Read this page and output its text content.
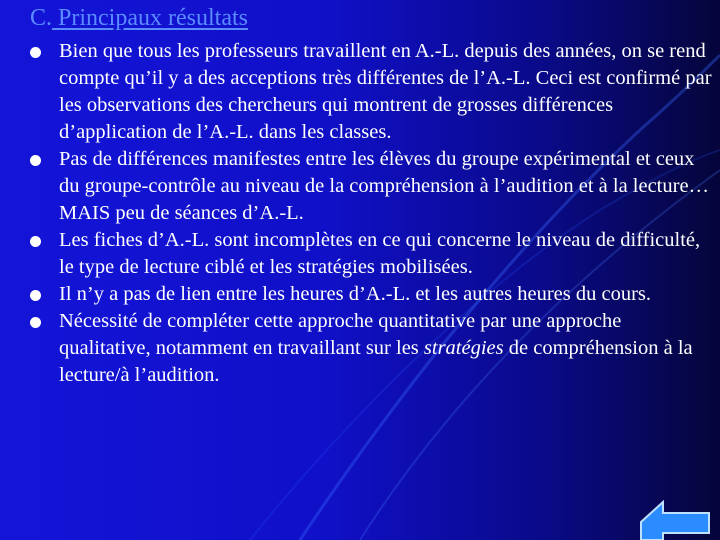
C. Principaux résultats
Bien que tous les professeurs travaillent en A.-L. depuis des années, on se rend compte qu’il y a des acceptions très différentes de l’A.-L. Ceci est confirmé par les observations des chercheurs qui montrent de grosses différences d’application de l’A.-L. dans les classes.
Pas de différences manifestes entre les élèves du groupe expérimental et ceux du groupe-contrôle au niveau de la compréhension à l’audition et à la lecture… MAIS peu de séances d’A.-L.
Les fiches d’A.-L. sont incomplètes en ce qui concerne le niveau de difficulté, le type de lecture ciblé et les stratégies mobilisées.
Il n’y a pas de lien entre les heures d’A.-L. et les autres heures du cours.
Nécessité de compléter cette approche quantitative par une approche qualitative, notamment en travaillant sur les stratégies de compréhension à la lecture/à l’audition.
